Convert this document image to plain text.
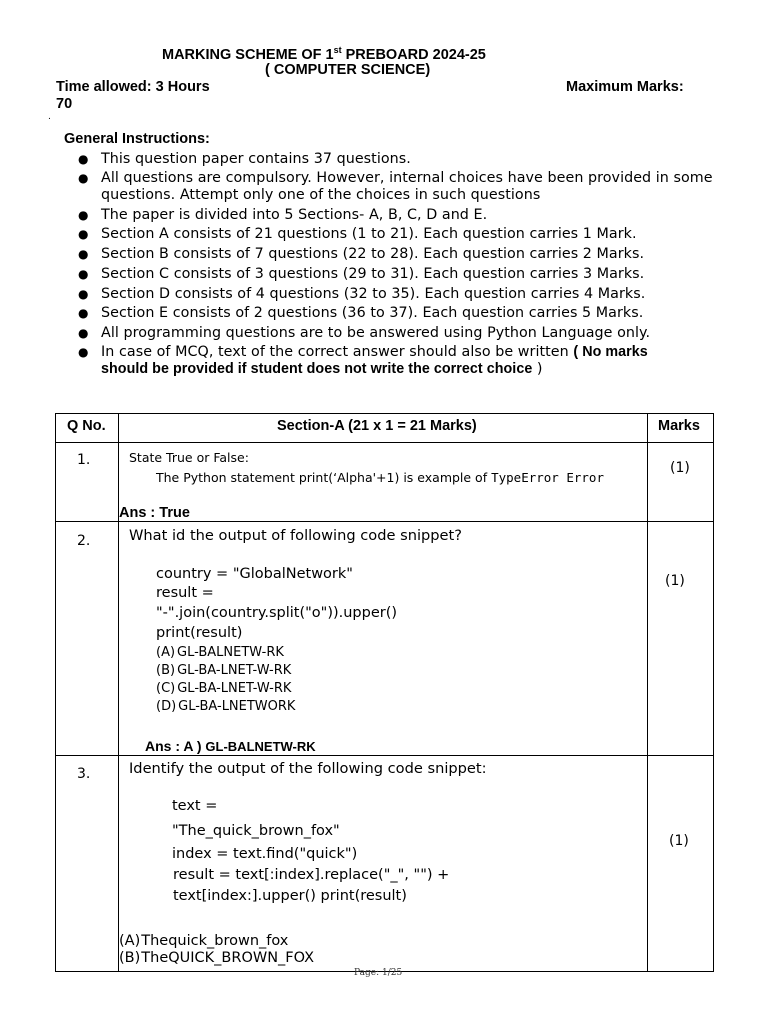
MARKING SCHEME OF 1st PREBOARD 2024-25
( COMPUTER SCIENCE)
Time allowed: 3 Hours	Maximum Marks:
70
.
General Instructions:
● This question paper contains 37 questions.
● All questions are compulsory. However, internal choices have been provided in some questions. Attempt only one of the choices in such questions
● The paper is divided into 5 Sections- A, B, C, D and E.
● Section A consists of 21 questions (1 to 21). Each question carries 1 Mark.
● Section B consists of 7 questions (22 to 28). Each question carries 2 Marks.
● Section C consists of 3 questions (29 to 31). Each question carries 3 Marks.
● Section D consists of 4 questions (32 to 35). Each question carries 4 Marks.
● Section E consists of 2 questions (36 to 37). Each question carries 5 Marks.
● All programming questions are to be answered using Python Language only.
● In case of MCQ, text of the correct answer should also be written ( No marks
should be provided if student does not write the correct choice )
Q No.	Section-A (21 x 1 = 21 Marks)	Marks
1.	State True or False:
The Python statement print(‘Alpha'+1) is example of TypeError Error
Ans : True
(1)
2.	What id the output of following code snippet?
country = "GlobalNetwork"
result =
"-".join(country.split("o")).upper()
print(result)
(A) GL-BALNETW-RK
(B) GL-BA-LNET-W-RK
(C) GL-BA-LNET-W-RK
(D) GL-BA-LNETWORK
Ans : A ) GL-BALNETW-RK
(1)
3.	Identify the output of the following code snippet:
text =
"The_quick_brown_fox"
index = text.find("quick")
result = text[:index].replace("_", "") +
text[index:].upper() print(result)
(A)Thequick_brown_fox
(B)TheQUICK_BROWN_FOX
(1)
Page: 1/25
